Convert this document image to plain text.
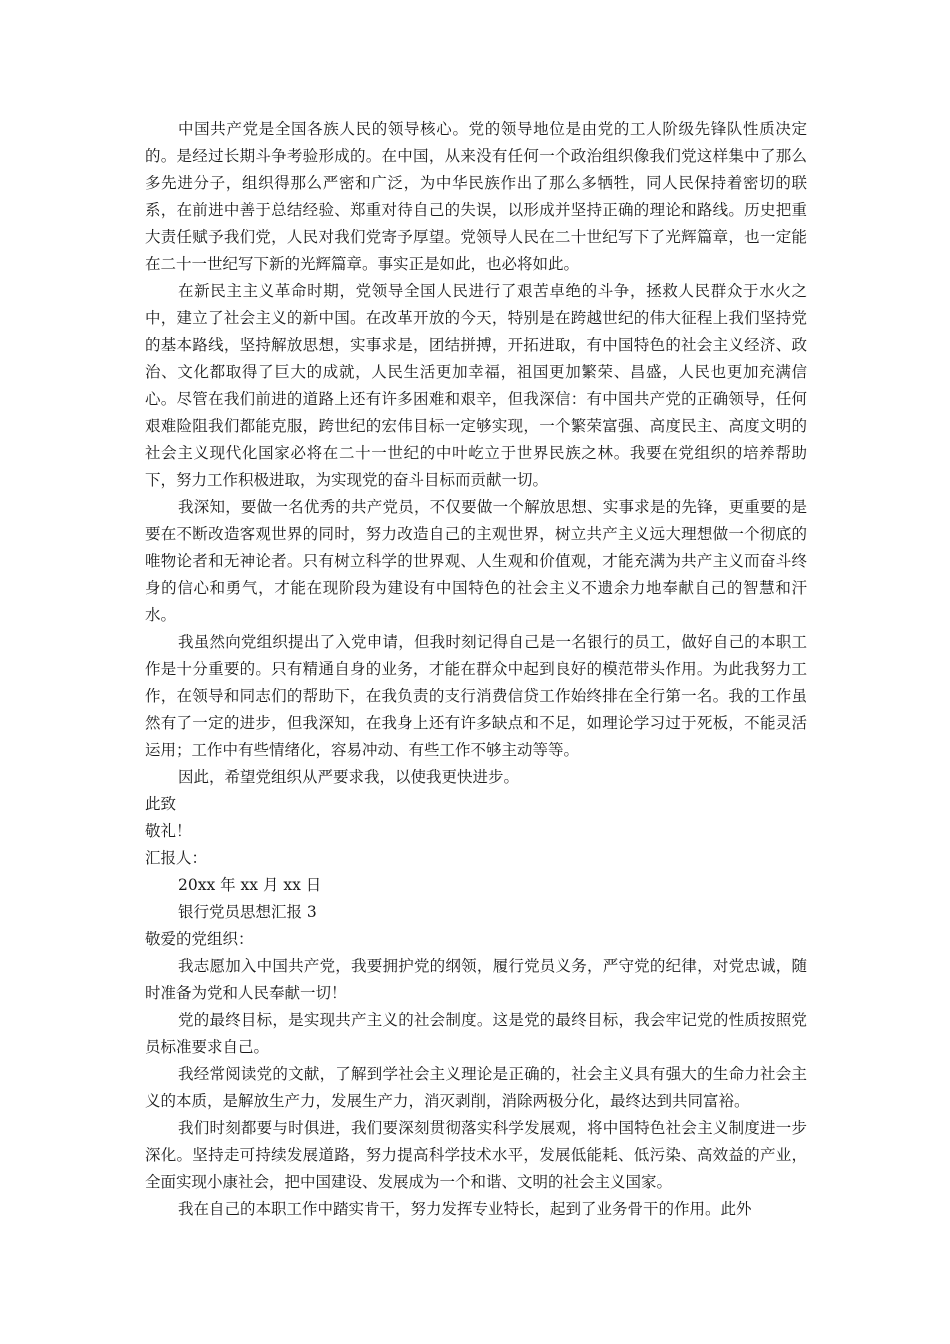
中国共产党是全国各族人民的领导核心。党的领导地位是由党的工人阶级先锋队性质决定的。是经过长期斗争考验形成的。在中国，从来没有任何一个政治组织像我们党这样集中了那么多先进分子，组织得那么严密和广泛，为中华民族作出了那么多牺牲，同人民保持着密切的联系，在前进中善于总结经验、郑重对待自己的失误，以形成并坚持正确的理论和路线。历史把重大责任赋予我们党，人民对我们党寄予厚望。党领导人民在二十世纪写下了光辉篇章，也一定能在二十一世纪写下新的光辉篇章。事实正是如此，也必将如此。

在新民主主义革命时期，党领导全国人民进行了艰苦卓绝的斗争，拯救人民群众于水火之中，建立了社会主义的新中国。在改革开放的今天，特别是在跨越世纪的伟大征程上我们坚持党的基本路线，坚持解放思想，实事求是，团结拼搏，开拓进取，有中国特色的社会主义经济、政治、文化都取得了巨大的成就，人民生活更加幸福，祖国更加繁荣、昌盛，人民也更加充满信心。尽管在我们前进的道路上还有许多困难和艰辛，但我深信：有中国共产党的正确领导，任何艰难险阻我们都能克服，跨世纪的宏伟目标一定够实现，一个繁荣富强、高度民主、高度文明的社会主义现代化国家必将在二十一世纪的中叶屹立于世界民族之林。我要在党组织的培养帮助下，努力工作积极进取，为实现党的奋斗目标而贡献一切。

我深知，要做一名优秀的共产党员，不仅要做一个解放思想、实事求是的先锋，更重要的是要在不断改造客观世界的同时，努力改造自己的主观世界，树立共产主义远大理想做一个彻底的唯物论者和无神论者。只有树立科学的世界观、人生观和价值观，才能充满为共产主义而奋斗终身的信心和勇气，才能在现阶段为建设有中国特色的社会主义不遗余力地奉献自己的智慧和汗水。

我虽然向党组织提出了入党申请，但我时刻记得自己是一名银行的员工，做好自己的本职工作是十分重要的。只有精通自身的业务，才能在群众中起到良好的模范带头作用。为此我努力工作，在领导和同志们的帮助下，在我负责的支行消费信贷工作始终排在全行第一名。我的工作虽然有了一定的进步，但我深知，在我身上还有许多缺点和不足，如理论学习过于死板，不能灵活运用；工作中有些情绪化，容易冲动、有些工作不够主动等等。

因此，希望党组织从严要求我，以使我更快进步。

此致

敬礼！

汇报人：

20xx 年 xx 月 xx 日

银行党员思想汇报 3

敬爱的党组织：

我志愿加入中国共产党，我要拥护党的纲领，履行党员义务，严守党的纪律，对党忠诚，随时准备为党和人民奉献一切！

党的最终目标，是实现共产主义的社会制度。这是党的最终目标，我会牢记党的性质按照党员标准要求自己。

我经常阅读党的文献，了解到学社会主义理论是正确的，社会主义具有强大的生命力社会主义的本质，是解放生产力，发展生产力，消灭剥削，消除两极分化，最终达到共同富裕。

我们时刻都要与时俱进，我们要深刻贯彻落实科学发展观，将中国特色社会主义制度进一步深化。坚持走可持续发展道路，努力提高科学技术水平，发展低能耗、低污染、高效益的产业，全面实现小康社会，把中国建设、发展成为一个和谐、文明的社会主义国家。

我在自己的本职工作中踏实肯干，努力发挥专业特长，起到了业务骨干的作用。此外
